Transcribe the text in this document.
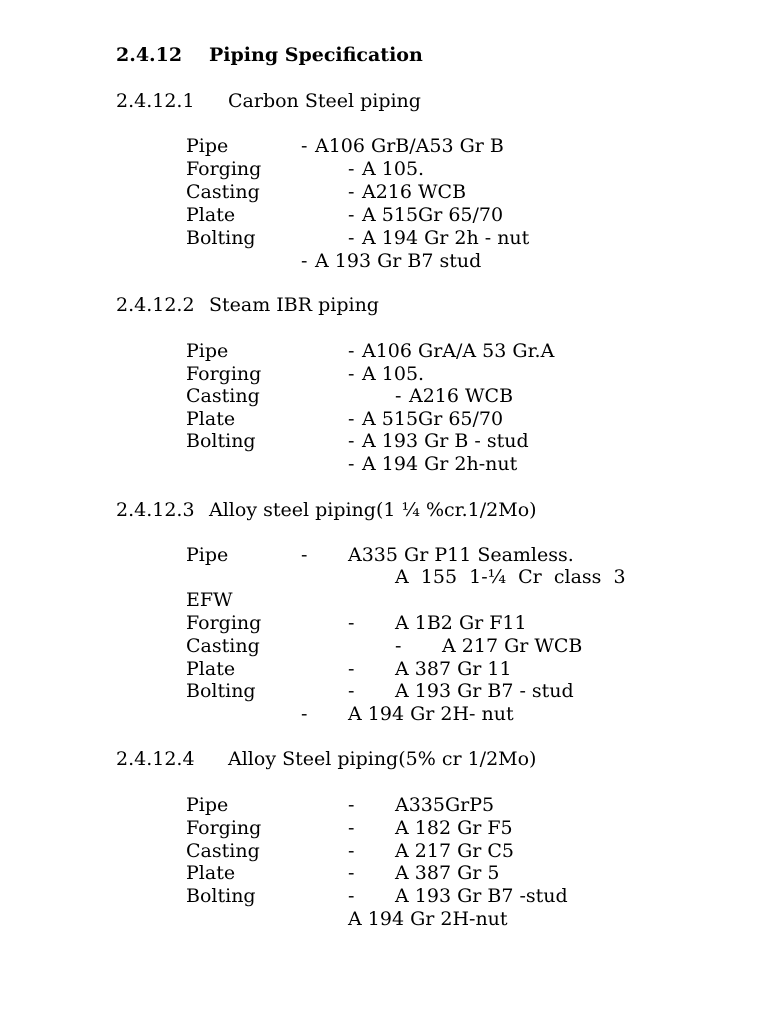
2.4.12 Piping Specification
2.4.12.1 Carbon Steel piping
Pipe	- A106 GrB/A53 Gr B
Forging	- A 105.
Casting	- A216 WCB
Plate	- A 515Gr 65/70
Bolting	- A 194 Gr 2h - nut
- A 193 Gr B7 stud
2.4.12.2 Steam IBR piping
Pipe	- A106 GrA/A 53 Gr.A
Forging	- A 105.
Casting	- A216 WCB
Plate	- A 515Gr 65/70
Bolting	- A 193 Gr B - stud
- A 194 Gr 2h-nut
2.4.12.3 Alloy steel piping(1 ¼ %cr.1/2Mo)
Pipe	- A335 Gr P11 Seamless.
A  155  1-¼  Cr  class  3
EFW
Forging	- A 1B2 Gr F11
Casting	- A 217 Gr WCB
Plate	- A 387 Gr 11
Bolting	- A 193 Gr B7 - stud
- A 194 Gr 2H- nut
2.4.12.4 Alloy Steel piping(5% cr 1/2Mo)
Pipe	- A335GrP5
Forging	- A 182 Gr F5
Casting	- A 217 Gr C5
Plate	- A 387 Gr 5
Bolting	- A 193 Gr B7 -stud
A 194 Gr 2H-nut
